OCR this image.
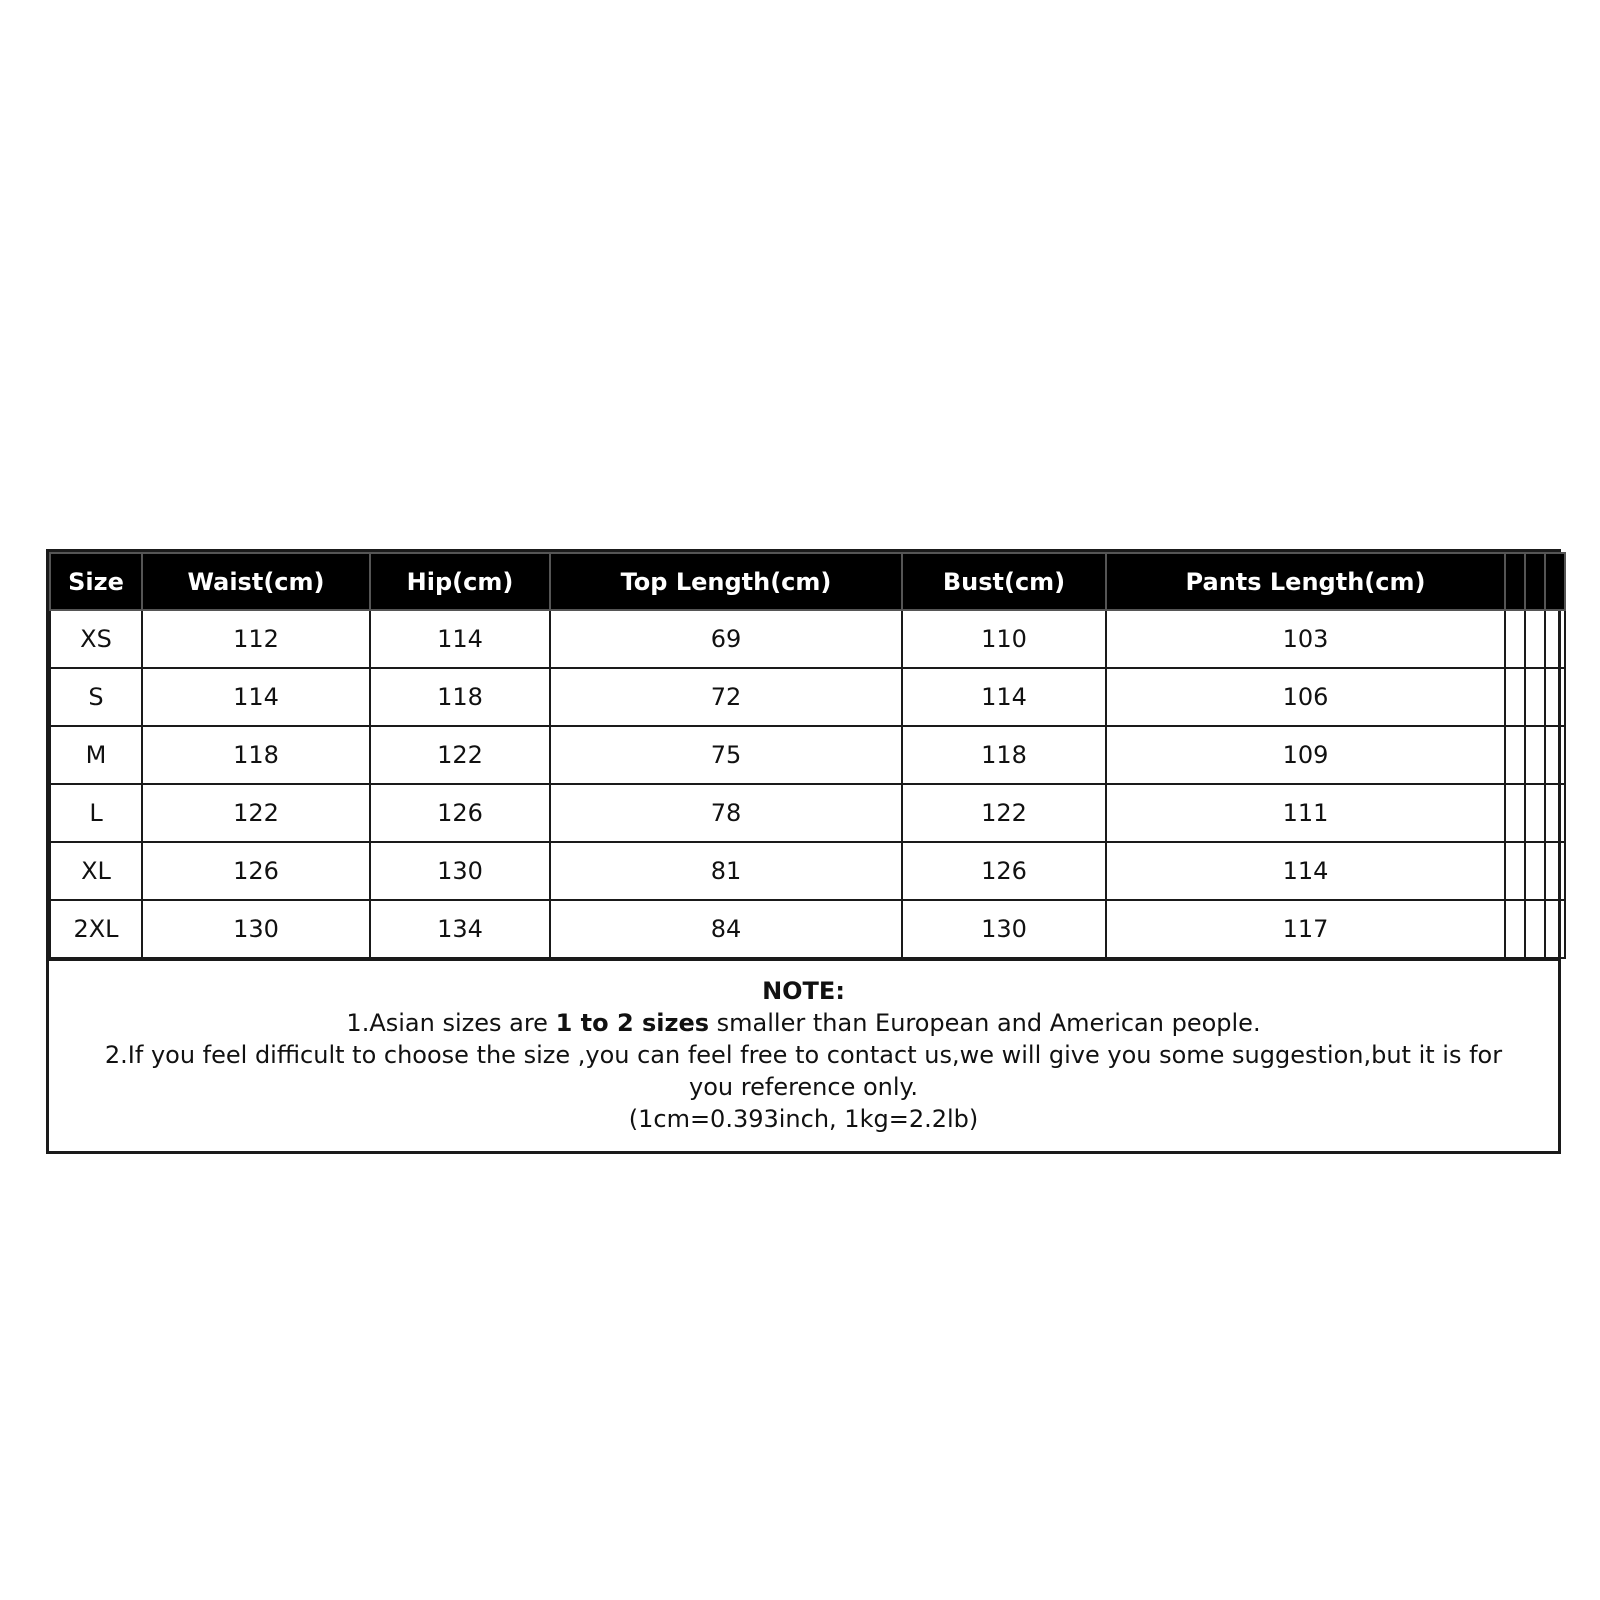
Size	Waist(cm)	Hip(cm)	Top Length(cm)	Bust(cm)	Pants Length(cm)			
XS	112	114	69	110	103			
S	114	118	72	114	106			
M	118	122	75	118	109			
L	122	126	78	122	111			
XL	126	130	81	126	114			
2XL	130	134	84	130	117			
NOTE:
1.Asian sizes are 1 to 2 sizes smaller than European and American people.
2.If you feel difficult to choose the size ,you can feel free to contact us,we will give you some suggestion,but it is for you reference only.
(1cm=0.393inch, 1kg=2.2lb)
